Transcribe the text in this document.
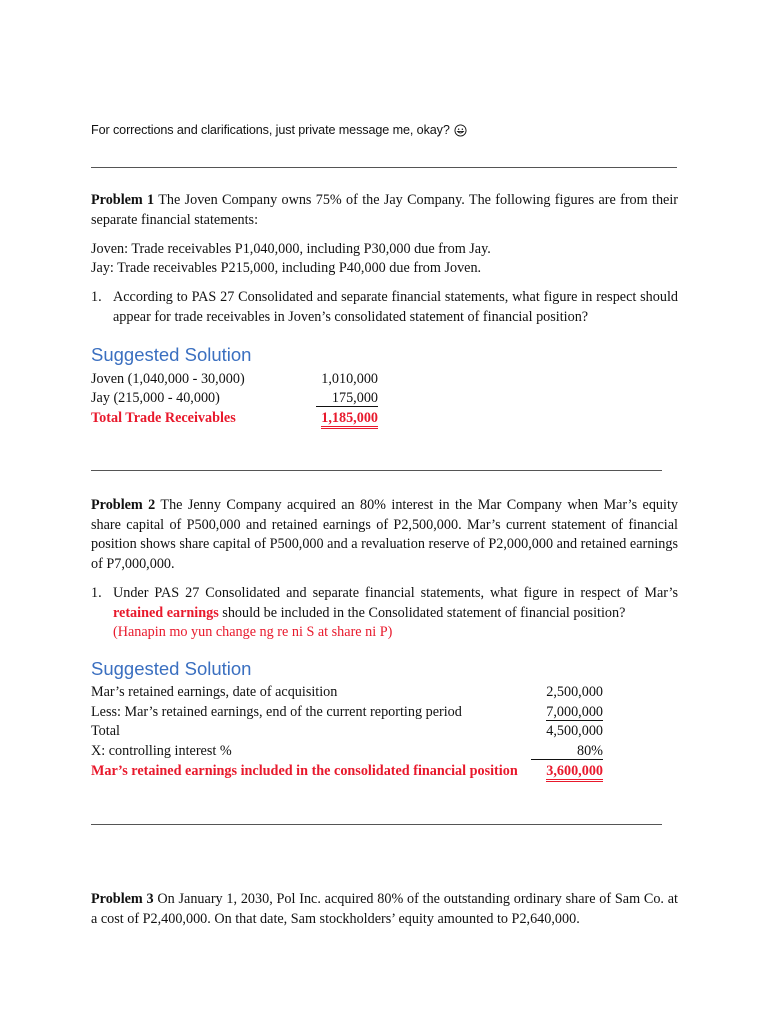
For corrections and clarifications, just private message me, okay?
Problem 1 The Joven Company owns 75% of the Jay Company. The following figures are from their separate financial statements:
Joven: Trade receivables P1,040,000, including P30,000 due from Jay.
Jay: Trade receivables P215,000, including P40,000 due from Joven.
1. According to PAS 27 Consolidated and separate financial statements, what figure in respect should appear for trade receivables in Joven’s consolidated statement of financial position?
Suggested Solution
Joven (1,040,000 - 30,000)	1,010,000
Jay (215,000 - 40,000)	175,000
Total Trade Receivables	1,185,000
Problem 2 The Jenny Company acquired an 80% interest in the Mar Company when Mar’s equity share capital of P500,000 and retained earnings of P2,500,000. Mar’s current statement of financial position shows share capital of P500,000 and a revaluation reserve of P2,000,000 and retained earnings of P7,000,000.
1. Under PAS 27 Consolidated and separate financial statements, what figure in respect of Mar’s retained earnings should be included in the Consolidated statement of financial position?
(Hanapin mo yun change ng re ni S at share ni P)
Suggested Solution
Mar’s retained earnings, date of acquisition	2,500,000
Less: Mar’s retained earnings, end of the current reporting period	7,000,000
Total	4,500,000
X: controlling interest %	80%
Mar’s retained earnings included in the consolidated financial position 3,600,000
Problem 3 On January 1, 2030, Pol Inc. acquired 80% of the outstanding ordinary share of Sam Co. at a cost of P2,400,000. On that date, Sam stockholders’ equity amounted to P2,640,000.
